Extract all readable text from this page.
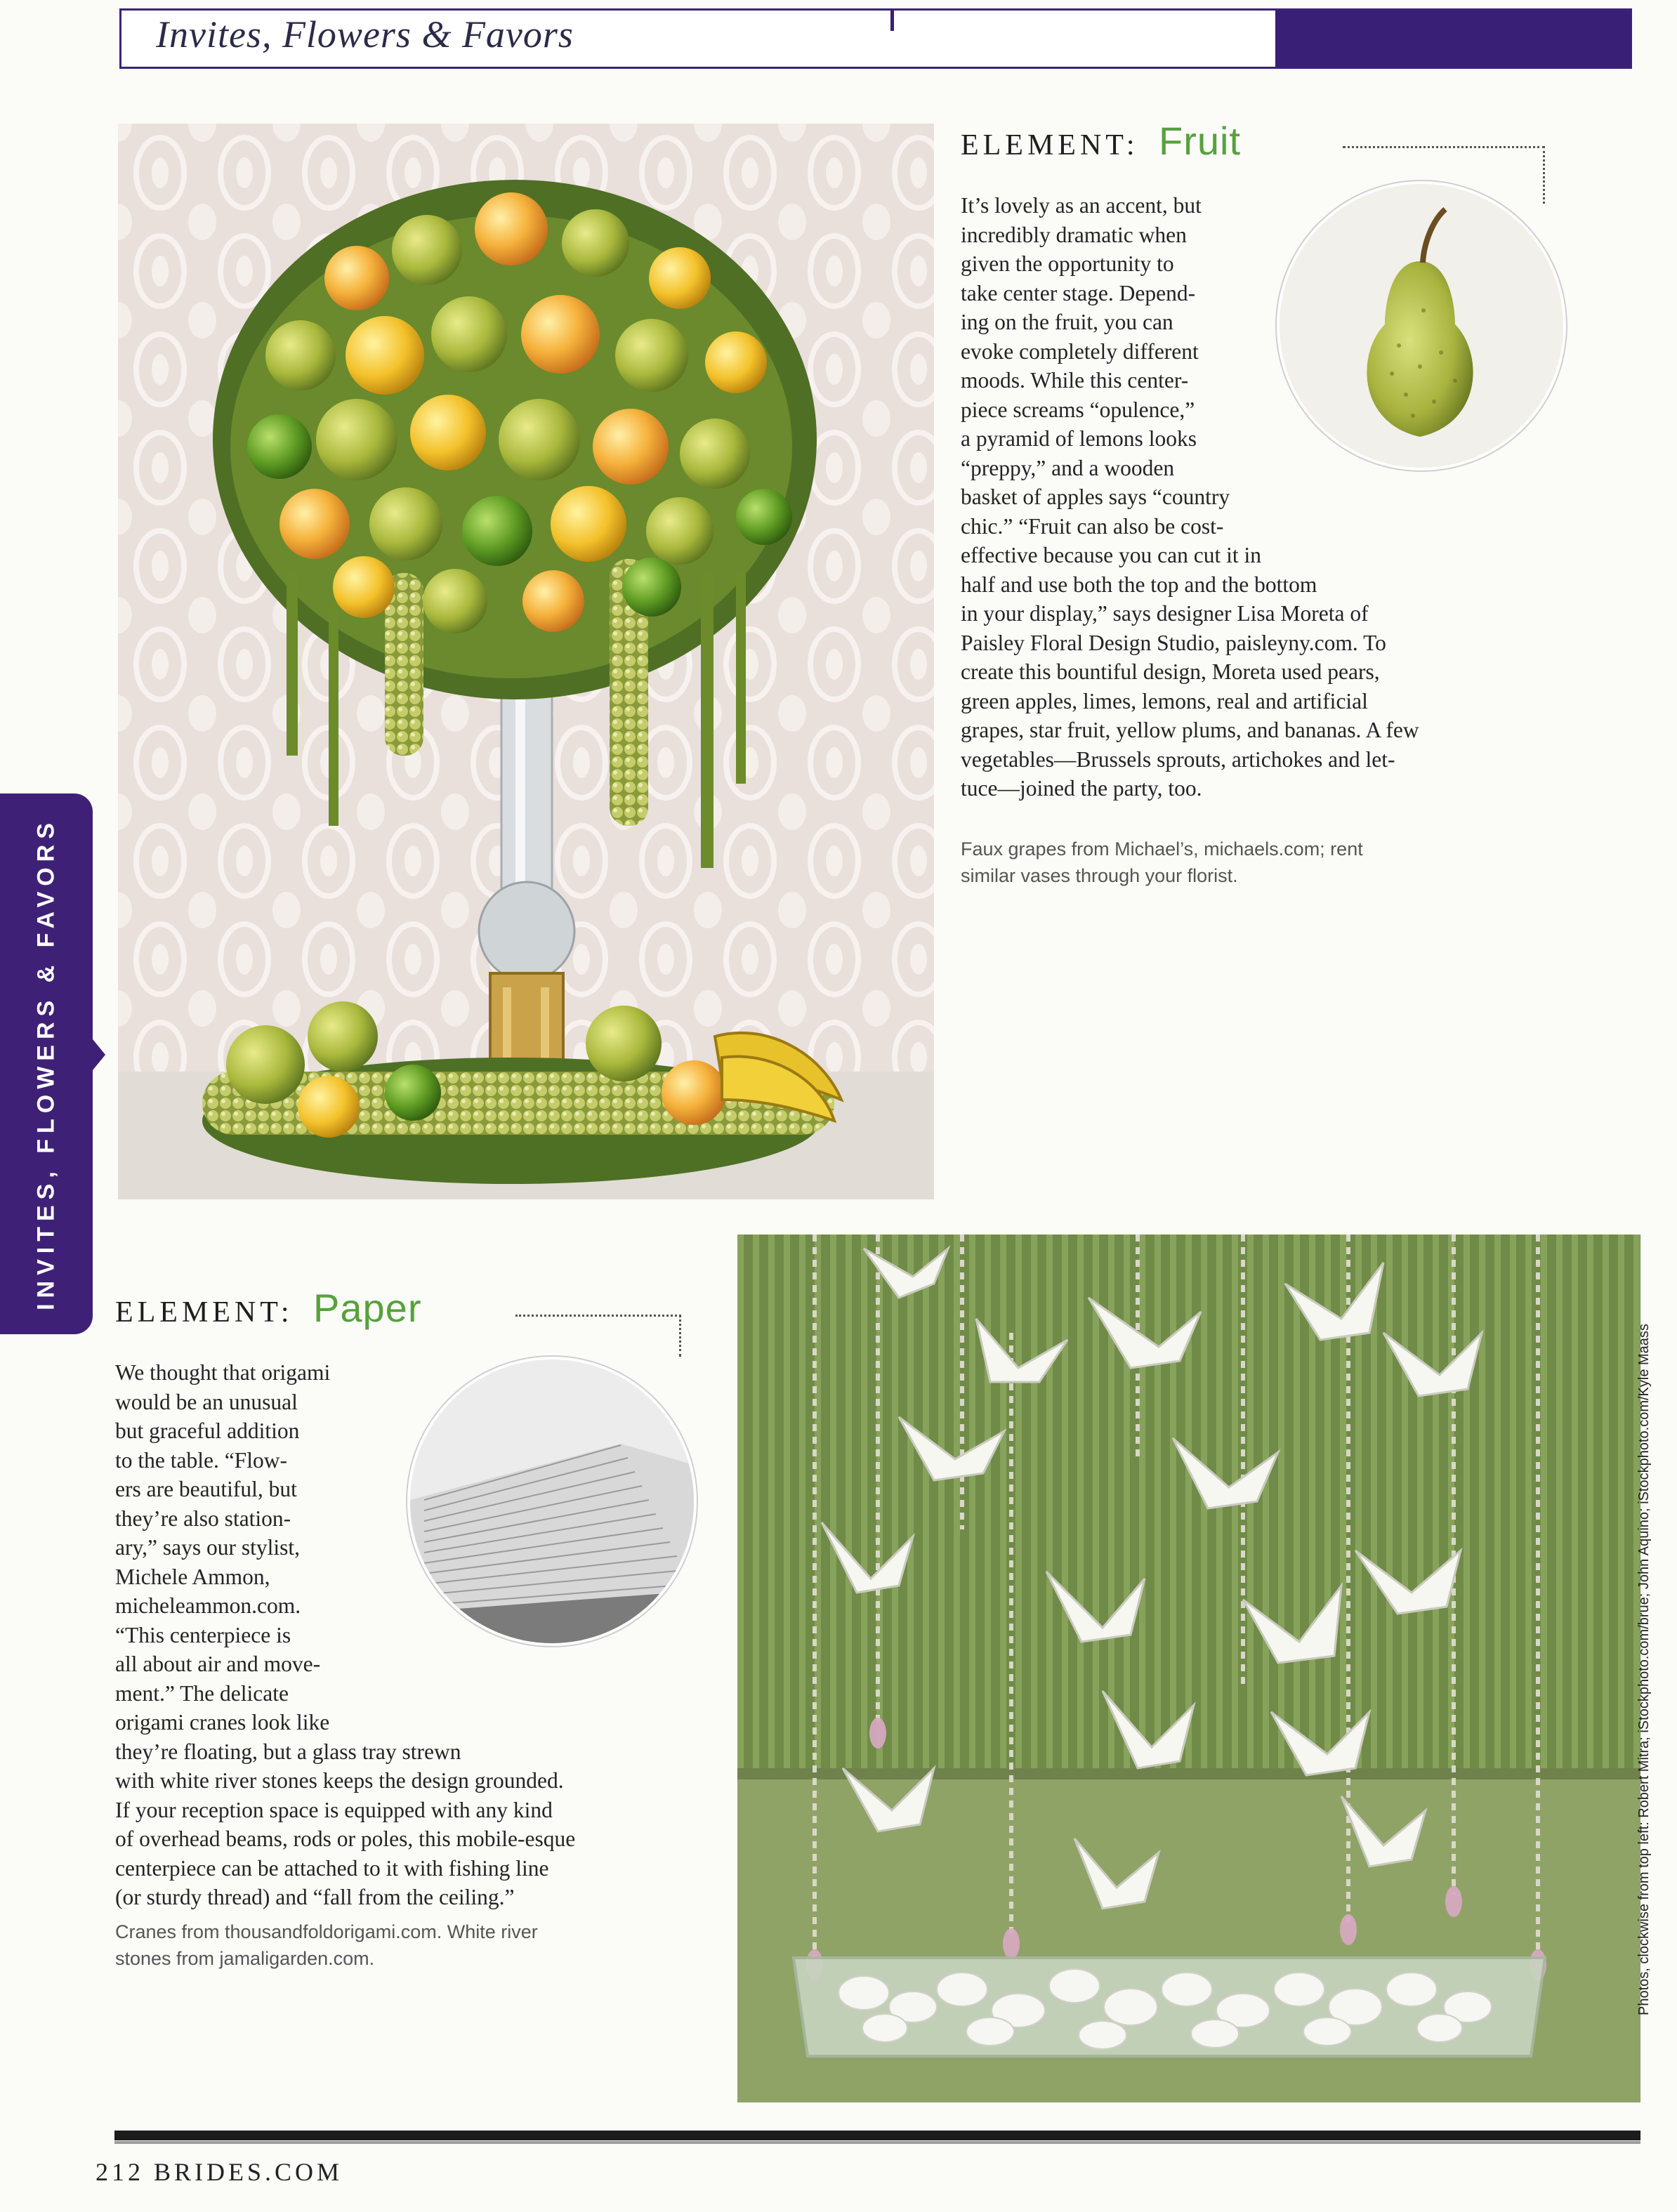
Invites, Flowers & Favors
INVITES, FLOWERS & FAVORS
ELEMENT: Fruit
It’s lovely as an accent, but
incredibly dramatic when
given the opportunity to
take center stage. Depend-
ing on the fruit, you can
evoke completely different
moods. While this center-
piece screams “opulence,”
a pyramid of lemons looks
“preppy,” and a wooden
basket of apples says “country
chic.” “Fruit can also be cost-
effective because you can cut it in
half and use both the top and the bottom
in your display,” says designer Lisa Moreta of
Paisley Floral Design Studio, paisleyny.com. To
create this bountiful design, Moreta used pears,
green apples, limes, lemons, real and artificial
grapes, star fruit, yellow plums, and bananas. A few
vegetables—Brussels sprouts, artichokes and let-
tuce—joined the party, too.
Faux grapes from Michael’s, michaels.com; rent
similar vases through your florist.
ELEMENT: Paper
We thought that origami
would be an unusual
but graceful addition
to the table. “Flow-
ers are beautiful, but
they’re also station-
ary,” says our stylist,
Michele Ammon,
micheleammon.com.
“This centerpiece is
all about air and move-
ment.” The delicate
origami cranes look like
they’re floating, but a glass tray strewn
with white river stones keeps the design grounded.
If your reception space is equipped with any kind
of overhead beams, rods or poles, this mobile-esque
centerpiece can be attached to it with fishing line
(or sturdy thread) and “fall from the ceiling.”
Cranes from thousandfoldorigami.com. White river
stones from jamaligarden.com.
212 BRIDES.COM
Photos, clockwise from top left: Robert Mitra; iStockphoto.com/brue; John Aquino; iStockphoto.com/Kyle Maass
